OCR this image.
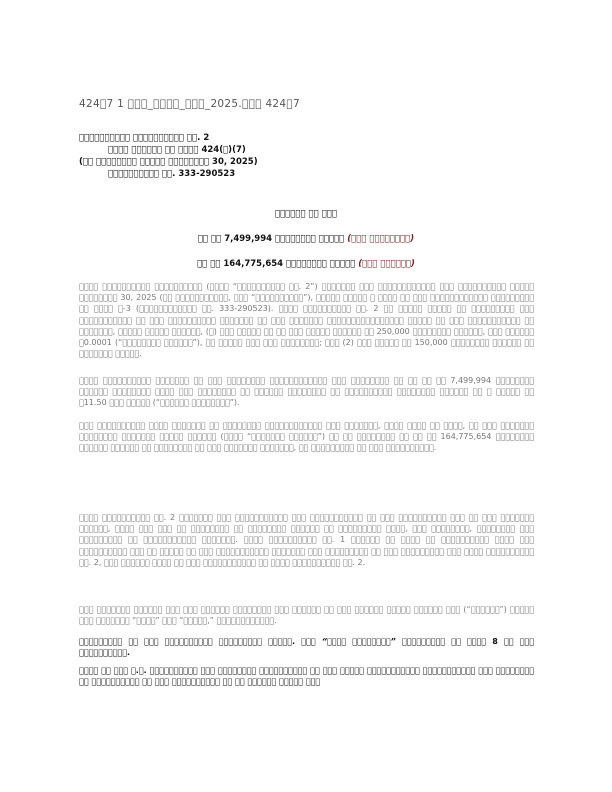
424􏰀7 1 􏰀􏰀􏰀_􏰀􏰀􏰀􏰀_􏰀􏰀􏰀_2025.􏰀􏰀􏰀 424􏰀7
􏰀􏰀􏰀􏰀􏰀􏰀􏰀􏰀􏰀􏰀 􏰀􏰀􏰀􏰀􏰀􏰀􏰀􏰀􏰀􏰀 􏰀􏰀. 2
􏰀􏰀􏰀􏰀 􏰀􏰀􏰀􏰀􏰀􏰀 􏰀􏰀 􏰀􏰀􏰀􏰀 424(􏰀)(7)
(􏰀􏰀 􏰀􏰀􏰀􏰀􏰀􏰀􏰀􏰀 􏰀􏰀􏰀􏰀􏰀 􏰀􏰀􏰀􏰀􏰀􏰀􏰀􏰀 30, 2025)
􏰀􏰀􏰀􏰀􏰀􏰀􏰀􏰀􏰀􏰀 􏰀􏰀. 333-290523
􏰀􏰀􏰀􏰀􏰀􏰀 􏰀􏰀 􏰀􏰀􏰀
􏰀􏰀 􏰀􏰀 7,499,994 􏰀􏰀􏰀􏰀􏰀􏰀􏰀􏰀 􏰀􏰀􏰀􏰀􏰀 (􏰀􏰀􏰀 􏰀􏰀􏰀􏰀􏰀􏰀􏰀􏰀)
􏰀􏰀 􏰀􏰀 164,775,654 􏰀􏰀􏰀􏰀􏰀􏰀􏰀􏰀 􏰀􏰀􏰀􏰀􏰀 (􏰀􏰀􏰀 􏰀􏰀􏰀􏰀􏰀􏰀)
􏰀􏰀􏰀􏰀 􏰀􏰀􏰀􏰀􏰀􏰀􏰀􏰀􏰀􏰀 􏰀􏰀􏰀􏰀􏰀􏰀􏰀􏰀􏰀􏰀 (􏰀􏰀􏰀􏰀 “􏰀􏰀􏰀􏰀􏰀􏰀􏰀􏰀􏰀􏰀 􏰀􏰀. 2”) 􏰀􏰀􏰀􏰀􏰀􏰀􏰀 􏰀􏰀􏰀 􏰀􏰀􏰀􏰀􏰀􏰀􏰀􏰀􏰀􏰀􏰀􏰀 􏰀􏰀􏰀 􏰀􏰀􏰀􏰀􏰀􏰀􏰀􏰀􏰀􏰀 􏰀􏰀􏰀􏰀􏰀 􏰀􏰀􏰀􏰀􏰀􏰀􏰀􏰀 30, 2025 (􏰀􏰀 􏰀􏰀􏰀􏰀􏰀􏰀􏰀􏰀􏰀􏰀􏰀, 􏰀􏰀􏰀 “􏰀􏰀􏰀􏰀􏰀􏰀􏰀􏰀􏰀􏰀”), 􏰀􏰀􏰀􏰀􏰀 􏰀􏰀􏰀􏰀􏰀 􏰀 􏰀􏰀􏰀􏰀 􏰀􏰀 􏰀􏰀􏰀 􏰀􏰀􏰀􏰀􏰀􏰀􏰀􏰀􏰀􏰀􏰀􏰀 􏰀􏰀􏰀􏰀􏰀􏰀􏰀􏰀􏰀 􏰀􏰀 􏰀􏰀􏰀􏰀 􏰀-3 (􏰀􏰀􏰀􏰀􏰀􏰀􏰀􏰀􏰀􏰀􏰀􏰀 􏰀􏰀. 333-290523). 􏰀􏰀􏰀􏰀 􏰀􏰀􏰀􏰀􏰀􏰀􏰀􏰀􏰀􏰀 􏰀􏰀. 2 􏰀􏰀 􏰀􏰀􏰀􏰀􏰀 􏰀􏰀􏰀􏰀􏰀 􏰀􏰀 􏰀􏰀􏰀􏰀􏰀􏰀􏰀􏰀􏰀 􏰀􏰀􏰀 􏰀􏰀􏰀􏰀􏰀􏰀􏰀􏰀􏰀􏰀􏰀 􏰀􏰀 􏰀􏰀􏰀 􏰀􏰀􏰀􏰀􏰀􏰀􏰀􏰀􏰀􏰀 􏰀􏰀􏰀􏰀􏰀􏰀􏰀 􏰀􏰀 􏰀􏰀􏰀 􏰀􏰀􏰀􏰀􏰀􏰀􏰀 􏰀􏰀􏰀􏰀􏰀􏰀􏰀􏰀􏰀􏰀􏰀􏰀􏰀􏰀􏰀􏰀 􏰀􏰀􏰀􏰀􏰀 􏰀􏰀 􏰀􏰀􏰀 􏰀􏰀􏰀􏰀􏰀􏰀􏰀􏰀􏰀􏰀􏰀 􏰀􏰀 􏰀􏰀􏰀􏰀􏰀􏰀􏰀, 􏰀􏰀􏰀􏰀􏰀 􏰀􏰀􏰀􏰀􏰀 􏰀􏰀􏰀􏰀􏰀􏰀, (􏰀) 􏰀􏰀􏰀 􏰀􏰀􏰀􏰀􏰀 􏰀􏰀 􏰀􏰀 􏰀􏰀􏰀 􏰀􏰀􏰀􏰀􏰀 􏰀􏰀􏰀􏰀􏰀􏰀 􏰀􏰀 250,000 􏰀􏰀􏰀􏰀􏰀􏰀􏰀􏰀 􏰀􏰀􏰀􏰀􏰀􏰀, 􏰀􏰀􏰀 􏰀􏰀􏰀􏰀􏰀􏰀 􏰀0.0001 (“􏰀􏰀􏰀􏰀􏰀􏰀􏰀􏰀 􏰀􏰀􏰀􏰀􏰀􏰀”), 􏰀􏰀 􏰀􏰀􏰀􏰀􏰀 􏰀􏰀􏰀 􏰀􏰀􏰀 􏰀􏰀􏰀􏰀􏰀􏰀􏰀􏰀; 􏰀􏰀􏰀 (2) 􏰀􏰀􏰀 􏰀􏰀􏰀􏰀􏰀 􏰀􏰀 150,000 􏰀􏰀􏰀􏰀􏰀􏰀􏰀􏰀 􏰀􏰀􏰀􏰀􏰀􏰀 􏰀􏰀 􏰀􏰀􏰀􏰀􏰀􏰀􏰀 􏰀􏰀􏰀􏰀􏰀.
􏰀􏰀􏰀􏰀 􏰀􏰀􏰀􏰀􏰀􏰀􏰀􏰀􏰀􏰀 􏰀􏰀􏰀􏰀􏰀􏰀􏰀 􏰀􏰀 􏰀􏰀􏰀 􏰀􏰀􏰀􏰀􏰀􏰀􏰀􏰀 􏰀􏰀􏰀􏰀􏰀􏰀􏰀􏰀􏰀􏰀􏰀􏰀 􏰀􏰀􏰀 􏰀􏰀􏰀􏰀􏰀􏰀􏰀􏰀 􏰀􏰀 􏰀􏰀 􏰀􏰀 􏰀􏰀 7,499,994 􏰀􏰀􏰀􏰀􏰀􏰀􏰀􏰀 􏰀􏰀􏰀􏰀􏰀􏰀 􏰀􏰀􏰀􏰀􏰀􏰀􏰀􏰀 􏰀􏰀􏰀􏰀 􏰀􏰀􏰀 􏰀􏰀􏰀􏰀􏰀􏰀􏰀􏰀 􏰀􏰀 􏰀􏰀􏰀􏰀􏰀􏰀 􏰀􏰀􏰀􏰀􏰀􏰀􏰀􏰀 􏰀􏰀 􏰀􏰀􏰀􏰀􏰀􏰀􏰀􏰀􏰀􏰀 􏰀􏰀􏰀􏰀􏰀􏰀􏰀􏰀 􏰀􏰀􏰀􏰀􏰀􏰀 􏰀􏰀 􏰀 􏰀􏰀􏰀􏰀􏰀 􏰀􏰀 􏰀11.50 􏰀􏰀􏰀 􏰀􏰀􏰀􏰀􏰀 (“􏰀􏰀􏰀􏰀􏰀􏰀 􏰀􏰀􏰀􏰀􏰀􏰀􏰀􏰀”).
􏰀􏰀􏰀 􏰀􏰀􏰀􏰀􏰀􏰀􏰀􏰀􏰀􏰀 􏰀􏰀􏰀􏰀 􏰀􏰀􏰀􏰀􏰀􏰀􏰀 􏰀􏰀 􏰀􏰀􏰀􏰀􏰀􏰀􏰀􏰀 􏰀􏰀􏰀􏰀􏰀􏰀􏰀􏰀􏰀􏰀􏰀􏰀 􏰀􏰀􏰀 􏰀􏰀􏰀􏰀􏰀􏰀􏰀, 􏰀􏰀􏰀􏰀 􏰀􏰀􏰀􏰀 􏰀􏰀 􏰀􏰀􏰀􏰀, 􏰀􏰀 􏰀􏰀􏰀 􏰀􏰀􏰀􏰀􏰀􏰀􏰀 􏰀􏰀􏰀􏰀􏰀􏰀􏰀􏰀 􏰀􏰀􏰀􏰀􏰀􏰀􏰀 􏰀􏰀􏰀􏰀􏰀 􏰀􏰀􏰀􏰀􏰀􏰀 (􏰀􏰀􏰀􏰀 “􏰀􏰀􏰀􏰀􏰀􏰀􏰀 􏰀􏰀􏰀􏰀􏰀􏰀”) 􏰀􏰀 􏰀􏰀 􏰀􏰀􏰀􏰀􏰀􏰀􏰀􏰀 􏰀􏰀 􏰀􏰀 􏰀􏰀 164,775,654 􏰀􏰀􏰀􏰀􏰀􏰀􏰀􏰀 􏰀􏰀􏰀􏰀􏰀􏰀 􏰀􏰀􏰀􏰀􏰀􏰀 􏰀􏰀 􏰀􏰀􏰀􏰀􏰀􏰀􏰀􏰀 􏰀􏰀 􏰀􏰀􏰀 􏰀􏰀􏰀􏰀􏰀􏰀􏰀 􏰀􏰀􏰀􏰀􏰀􏰀􏰀, 􏰀􏰀 􏰀􏰀􏰀􏰀􏰀􏰀􏰀􏰀􏰀 􏰀􏰀 􏰀􏰀􏰀 􏰀􏰀􏰀􏰀􏰀􏰀􏰀􏰀􏰀􏰀.
􏰀􏰀􏰀􏰀 􏰀􏰀􏰀􏰀􏰀􏰀􏰀􏰀􏰀􏰀 􏰀􏰀. 2 􏰀􏰀􏰀􏰀􏰀􏰀􏰀 􏰀􏰀􏰀 􏰀􏰀􏰀􏰀􏰀􏰀􏰀􏰀􏰀􏰀􏰀 􏰀􏰀􏰀 􏰀􏰀􏰀􏰀􏰀􏰀􏰀􏰀􏰀􏰀􏰀 􏰀􏰀 􏰀􏰀􏰀 􏰀􏰀􏰀􏰀􏰀􏰀􏰀􏰀􏰀􏰀 􏰀􏰀􏰀 􏰀􏰀 􏰀􏰀􏰀 􏰀􏰀􏰀􏰀􏰀􏰀􏰀 􏰀􏰀􏰀􏰀􏰀􏰀, 􏰀􏰀􏰀􏰀 􏰀􏰀􏰀 􏰀􏰀􏰀 􏰀􏰀 􏰀􏰀􏰀􏰀􏰀􏰀􏰀􏰀 􏰀􏰀 􏰀􏰀􏰀􏰀􏰀􏰀􏰀􏰀 􏰀􏰀􏰀􏰀􏰀􏰀 􏰀􏰀 􏰀􏰀􏰀􏰀􏰀􏰀􏰀􏰀􏰀 􏰀􏰀􏰀􏰀, 􏰀􏰀􏰀 􏰀􏰀􏰀􏰀􏰀􏰀􏰀􏰀, 􏰀􏰀􏰀􏰀􏰀􏰀􏰀􏰀 􏰀􏰀􏰀 􏰀􏰀􏰀􏰀􏰀􏰀􏰀􏰀􏰀 􏰀􏰀 􏰀􏰀􏰀􏰀􏰀􏰀􏰀􏰀􏰀􏰀􏰀 􏰀􏰀􏰀􏰀􏰀􏰀􏰀. 􏰀􏰀􏰀􏰀 􏰀􏰀􏰀􏰀􏰀􏰀􏰀􏰀􏰀􏰀 􏰀􏰀. 1 􏰀􏰀􏰀􏰀􏰀􏰀 􏰀􏰀 􏰀􏰀􏰀􏰀 􏰀􏰀 􏰀􏰀􏰀􏰀􏰀􏰀􏰀􏰀􏰀􏰀 􏰀􏰀􏰀􏰀 􏰀􏰀􏰀 􏰀􏰀􏰀􏰀􏰀􏰀􏰀􏰀􏰀􏰀 􏰀􏰀􏰀 􏰀􏰀 􏰀􏰀􏰀􏰀􏰀 􏰀􏰀 􏰀􏰀􏰀 􏰀􏰀􏰀􏰀􏰀􏰀􏰀􏰀􏰀􏰀􏰀 􏰀􏰀􏰀􏰀􏰀􏰀􏰀 􏰀􏰀􏰀 􏰀􏰀􏰀􏰀􏰀􏰀􏰀􏰀􏰀 􏰀􏰀 􏰀􏰀􏰀 􏰀􏰀􏰀􏰀􏰀􏰀􏰀􏰀􏰀 􏰀􏰀􏰀 􏰀􏰀􏰀􏰀 􏰀􏰀􏰀􏰀􏰀􏰀􏰀􏰀􏰀􏰀 􏰀􏰀. 2, 􏰀􏰀􏰀 􏰀􏰀􏰀􏰀􏰀􏰀 􏰀􏰀􏰀􏰀 􏰀􏰀 􏰀􏰀􏰀 􏰀􏰀􏰀􏰀􏰀􏰀􏰀􏰀􏰀􏰀􏰀 􏰀􏰀 􏰀􏰀􏰀􏰀 􏰀􏰀􏰀􏰀􏰀􏰀􏰀􏰀􏰀􏰀 􏰀􏰀. 2.
􏰀􏰀􏰀 􏰀􏰀􏰀􏰀􏰀􏰀􏰀 􏰀􏰀􏰀􏰀􏰀􏰀 􏰀􏰀􏰀 􏰀􏰀􏰀 􏰀􏰀􏰀􏰀􏰀􏰀 􏰀􏰀􏰀􏰀􏰀􏰀􏰀􏰀 􏰀􏰀􏰀 􏰀􏰀􏰀􏰀􏰀􏰀 􏰀􏰀 􏰀􏰀􏰀 􏰀􏰀􏰀􏰀􏰀􏰀 􏰀􏰀􏰀􏰀􏰀 􏰀􏰀􏰀􏰀􏰀􏰀 􏰀􏰀􏰀 (“􏰀􏰀􏰀􏰀􏰀􏰀”) 􏰀􏰀􏰀􏰀􏰀 􏰀􏰀􏰀 􏰀􏰀􏰀􏰀􏰀􏰀􏰀 “􏰀􏰀􏰀􏰀” 􏰀􏰀􏰀 “􏰀􏰀􏰀􏰀􏰀,” 􏰀􏰀􏰀􏰀􏰀􏰀􏰀􏰀􏰀􏰀􏰀􏰀.
􏰀􏰀􏰀􏰀􏰀􏰀􏰀􏰀􏰀 􏰀􏰀 􏰀􏰀􏰀 􏰀􏰀􏰀􏰀􏰀􏰀􏰀􏰀􏰀􏰀 􏰀􏰀􏰀􏰀􏰀􏰀􏰀􏰀􏰀 􏰀􏰀􏰀􏰀􏰀. 􏰀􏰀􏰀 “􏰀􏰀􏰀􏰀 􏰀􏰀􏰀􏰀􏰀􏰀􏰀􏰀” 􏰀􏰀􏰀􏰀􏰀􏰀􏰀􏰀􏰀 􏰀􏰀 􏰀􏰀􏰀􏰀 8 􏰀􏰀 􏰀􏰀􏰀 􏰀􏰀􏰀􏰀􏰀􏰀􏰀􏰀􏰀􏰀.
􏰀􏰀􏰀􏰀 􏰀􏰀 􏰀􏰀􏰀 􏰀.􏰀. 􏰀􏰀􏰀􏰀􏰀􏰀􏰀􏰀􏰀􏰀 􏰀􏰀􏰀 􏰀􏰀􏰀􏰀􏰀􏰀􏰀􏰀 􏰀􏰀􏰀􏰀􏰀􏰀􏰀􏰀􏰀􏰀 􏰀􏰀 􏰀􏰀􏰀 􏰀􏰀􏰀􏰀􏰀 􏰀􏰀􏰀􏰀􏰀􏰀􏰀􏰀􏰀􏰀􏰀 􏰀􏰀􏰀􏰀􏰀􏰀􏰀􏰀􏰀􏰀􏰀 􏰀􏰀􏰀 􏰀􏰀􏰀􏰀􏰀􏰀􏰀􏰀 􏰀􏰀 􏰀􏰀􏰀􏰀􏰀􏰀􏰀􏰀􏰀􏰀 􏰀􏰀 􏰀􏰀􏰀 􏰀􏰀􏰀􏰀􏰀􏰀􏰀􏰀􏰀􏰀 􏰀􏰀 􏰀􏰀 􏰀􏰀􏰀􏰀􏰀􏰀 􏰀􏰀􏰀􏰀􏰀 􏰀􏰀􏰀
